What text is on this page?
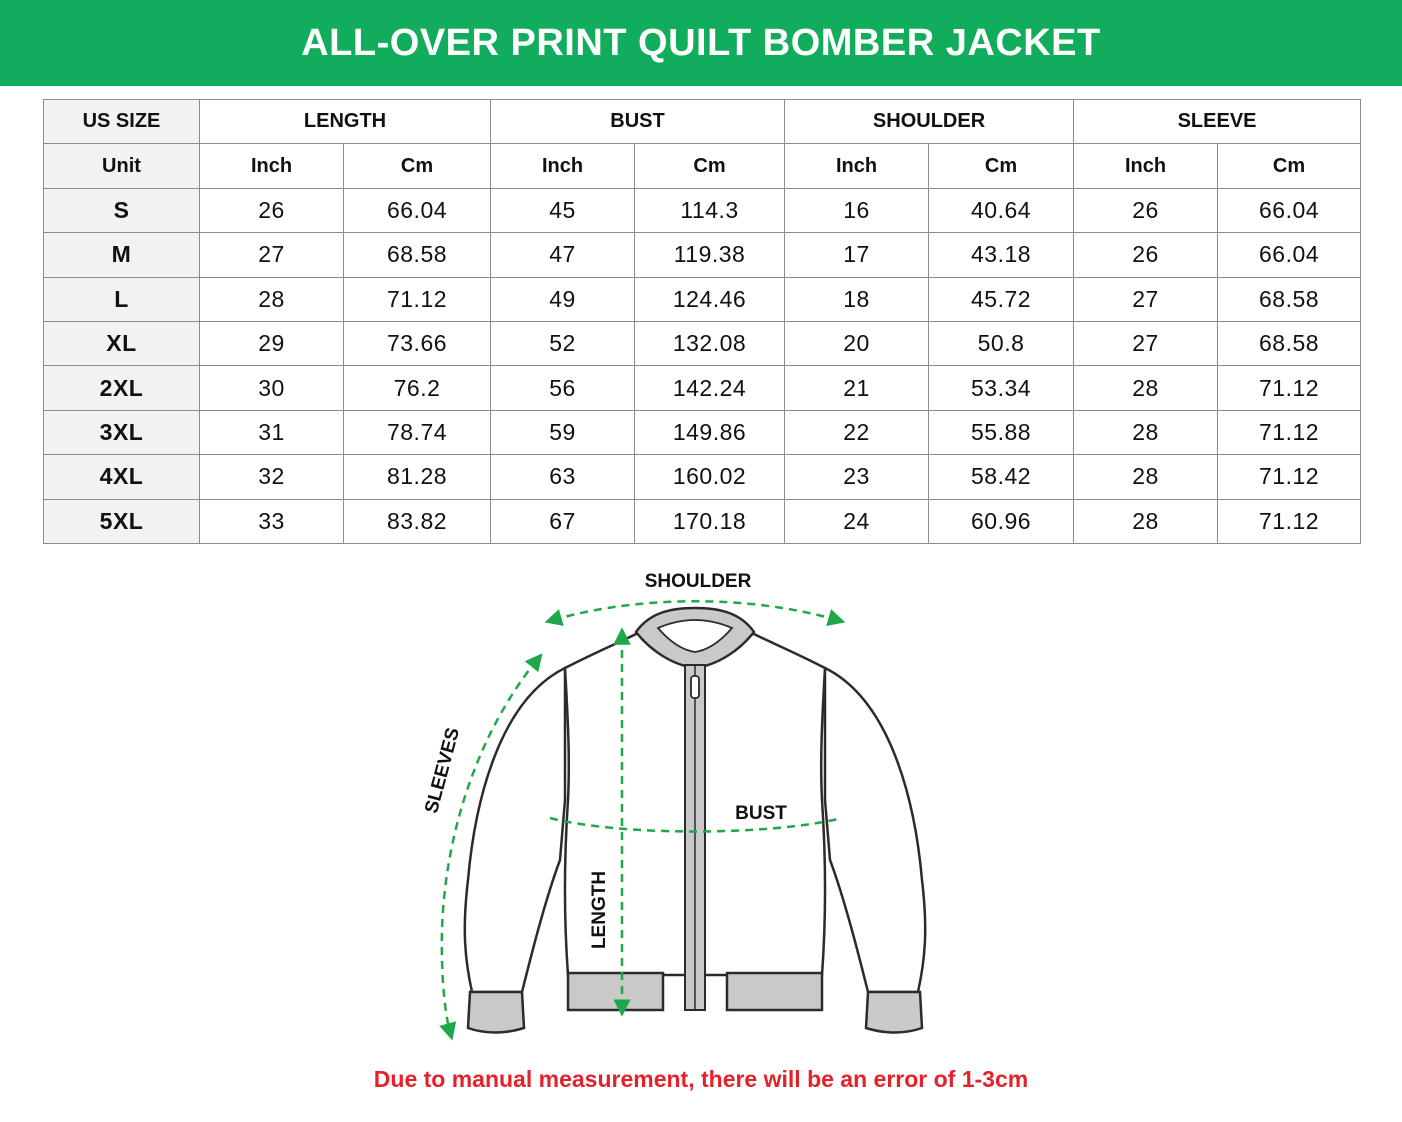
ALL-OVER PRINT QUILT BOMBER JACKET
US SIZE	LENGTH		BUST		SHOULDER		SLEEVE	
Unit	Inch	Cm	Inch	Cm	Inch	Cm	Inch	Cm
S	26	66.04	45	114.3	16	40.64	26	66.04
M	27	68.58	47	119.38	17	43.18	26	66.04
L	28	71.12	49	124.46	18	45.72	27	68.58
XL	29	73.66	52	132.08	20	50.8	27	68.58
2XL	30	76.2	56	142.24	21	53.34	28	71.12
3XL	31	78.74	59	149.86	22	55.88	28	71.12
4XL	32	81.28	63	160.02	23	58.42	28	71.12
5XL	33	83.82	67	170.18	24	60.96	28	71.12
SHOULDER
SLEEVES	BUST
LENGTH
Due to manual measurement, there will be an error of 1-3cm
